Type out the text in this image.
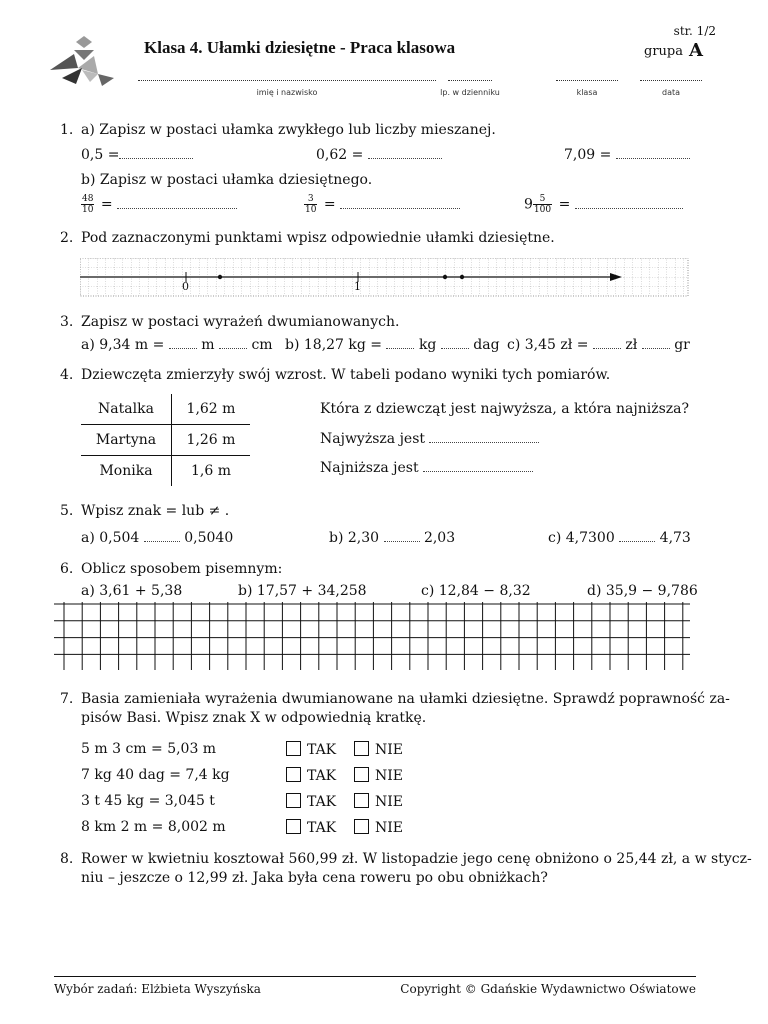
Klasa 4. Ułamki dziesiętne - Praca klasowa
str. 1/2
grupa A
imię i nazwisko	lp. w dzienniku	klasa	data
1. a) Zapisz w postaci ułamka zwykłego lub liczby mieszanej.
0,5 =	0,62 =	7,09 =
b) Zapisz w postaci ułamka dziesiętnego.
$\frac{48}{10}$ =	$\frac{3}{10}$ =	$9 \frac{5}{100}$ =
2. Pod zaznaczonymi punktami wpisz odpowiednie ułamki dziesiętne.
0	1
3. Zapisz w postaci wyrażeń dwumianowanych.
a) 9,34 m =	m	cm b) 18,27 kg =	kg	dag c) 3,45 zł =	zł	gr
4. Dziewczęta zmierzyły swój wzrost. W tabeli podano wyniki tych pomiarów.
Natalka	1,62 m
Martyna	1,26 m
Monika	1,6 m
Która z dziewcząt jest najwyższa, a która najniższa?
Najwyższa jest
Najniższa jest
5. Wpisz znak = lub ≠ .
a) 0,504	0,5040	b) 2,30	2,03	c) 4,7300	4,73
6. Oblicz sposobem pisemnym:
a) 3,61 + 5,38	b) 17,57 + 34,258	c) 12,84 − 8,32	d) 35,9 − 9,786
7. Basia zamieniała wyrażenia dwumianowane na ułamki dziesiętne. Sprawdź poprawność za-
pisów Basi. Wpisz znak X w odpowiednią kratkę.
5 m 3 cm = 5,03 m	TAK	NIE
7 kg 40 dag = 7,4 kg	TAK	NIE
3 t 45 kg = 3,045 t	TAK	NIE
8 km 2 m = 8,002 m	TAK	NIE
8. Rower w kwietniu kosztował 560,99 zł. W listopadzie jego cenę obniżono o 25,44 zł, a w stycz-
niu – jeszcze o 12,99 zł. Jaka była cena roweru po obu obniżkach?
Wybór zadań: Elżbieta Wyszyńska	Copyright © Gdańskie Wydawnictwo Oświatowe
